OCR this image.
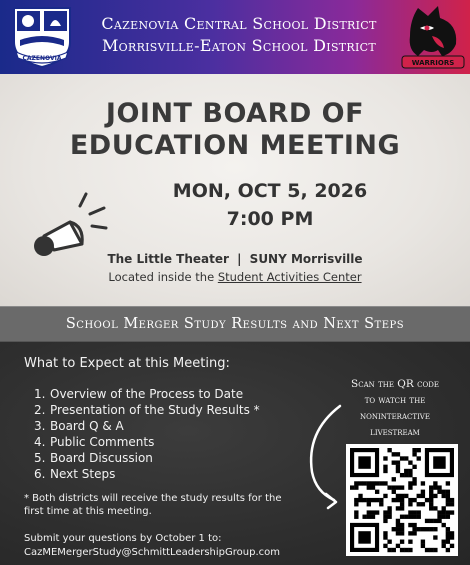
CAZENOVIA
Cazenovia Central School District
Morrisville-Eaton School District
WARRIORS
JOINT BOARD OF
EDUCATION MEETING
MON, OCT 5, 2026
7:00 PM
The Little Theater | SUNY Morrisville
Located inside the Student Activities Center
School Merger Study Results and Next Steps
What to Expect at this Meeting:
1. Overview of the Process to Date
2. Presentation of the Study Results *
3. Board Q & A
4. Public Comments
5. Board Discussion
6. Next Steps
* Both districts will receive the study results for the first time at this meeting.
Submit your questions by October 1 to:
CazMEMergerStudy@SchmittLeadershipGroup.com
Scan the QR code
to watch the
noninteractive
livestream
